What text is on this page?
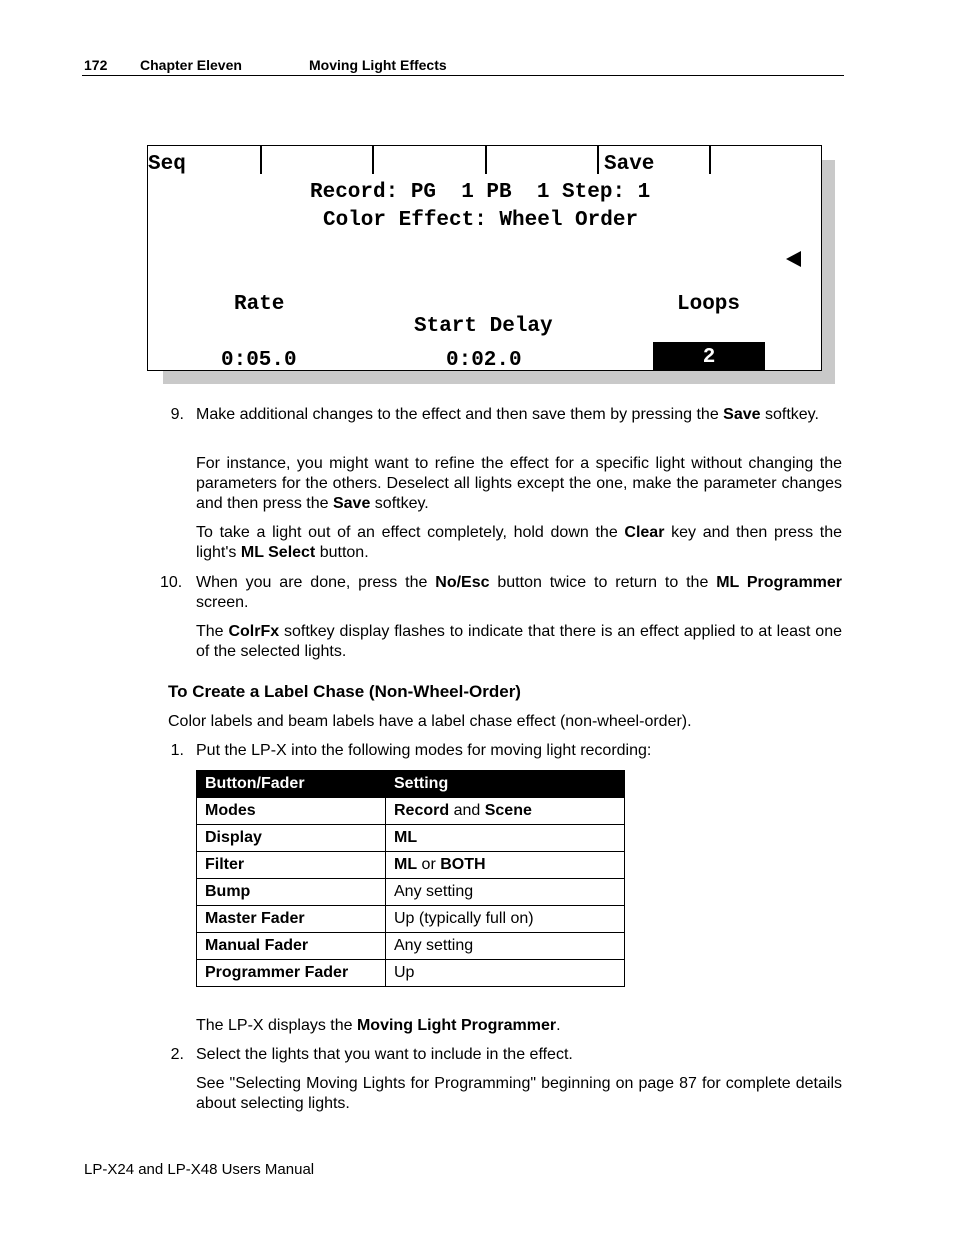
172 Chapter Eleven	Moving Light Effects
Seq	Save
Record: PG  1 PB  1 Step: 1
Color Effect: Wheel Order
Rate	Loops
Start Delay
0:05.0	0:02.0	2
9. Make additional changes to the effect and then save them by pressing the Save softkey.
For instance, you might want to refine the effect for a specific light without changing the parameters for the others. Deselect all lights except the one, make the parameter changes and then press the Save softkey.
To take a light out of an effect completely, hold down the Clear key and then press the light's ML Select button.
10. When you are done, press the No/Esc button twice to return to the ML Programmer screen.
The ColrFx softkey display flashes to indicate that there is an effect applied to at least one of the selected lights.
To Create a Label Chase (Non-Wheel-Order)
Color labels and beam labels have a label chase effect (non-wheel-order).
1. Put the LP-X into the following modes for moving light recording:
Button/Fader	Setting
Modes	Record and Scene
Display	ML
Filter	ML or BOTH
Bump	Any setting
Master Fader	Up (typically full on)
Manual Fader	Any setting
Programmer Fader	Up
The LP-X displays the Moving Light Programmer.
2. Select the lights that you want to include in the effect.
See "Selecting Moving Lights for Programming" beginning on page 87 for complete details about selecting lights.
LP-X24 and LP-X48 Users Manual
